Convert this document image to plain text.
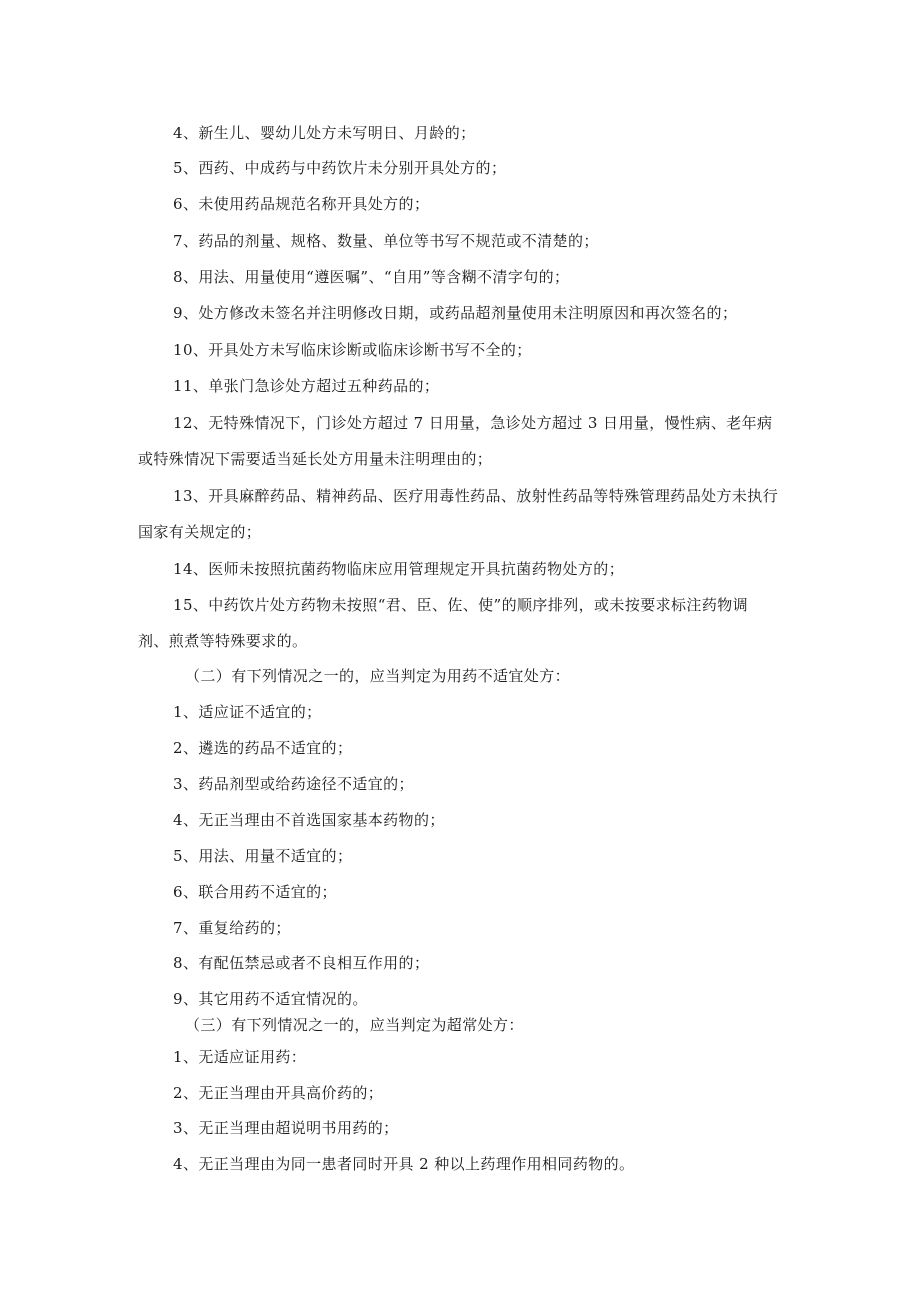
4、新生儿、婴幼儿处方未写明日、月龄的；

5、西药、中成药与中药饮片未分别开具处方的；

6、未使用药品规范名称开具处方的；

7、药品的剂量、规格、数量、单位等书写不规范或不清楚的；

8、用法、用量使用“遵医嘱”、“自用”等含糊不清字句的；

9、处方修改未签名并注明修改日期，或药品超剂量使用未注明原因和再次签名的；

10、开具处方未写临床诊断或临床诊断书写不全的；

11、单张门急诊处方超过五种药品的；

12、无特殊情况下，门诊处方超过 7 日用量，急诊处方超过 3 日用量，慢性病、老年病

或特殊情况下需要适当延长处方用量未注明理由的；

13、开具麻醉药品、精神药品、医疗用毒性药品、放射性药品等特殊管理药品处方未执行

国家有关规定的；

14、医师未按照抗菌药物临床应用管理规定开具抗菌药物处方的；

15、中药饮片处方药物未按照“君、臣、佐、使”的顺序排列，或未按要求标注药物调

剂、煎煮等特殊要求的。

（二）有下列情况之一的，应当判定为用药不适宜处方：

1、适应证不适宜的；

2、遴选的药品不适宜的；

3、药品剂型或给药途径不适宜的；

4、无正当理由不首选国家基本药物的；

5、用法、用量不适宜的；

6、联合用药不适宜的；

7、重复给药的；

8、有配伍禁忌或者不良相互作用的；

9、其它用药不适宜情况的。

（三）有下列情况之一的，应当判定为超常处方：

1、无适应证用药：

2、无正当理由开具高价药的；

3、无正当理由超说明书用药的；

4、无正当理由为同一患者同时开具 2 种以上药理作用相同药物的。
